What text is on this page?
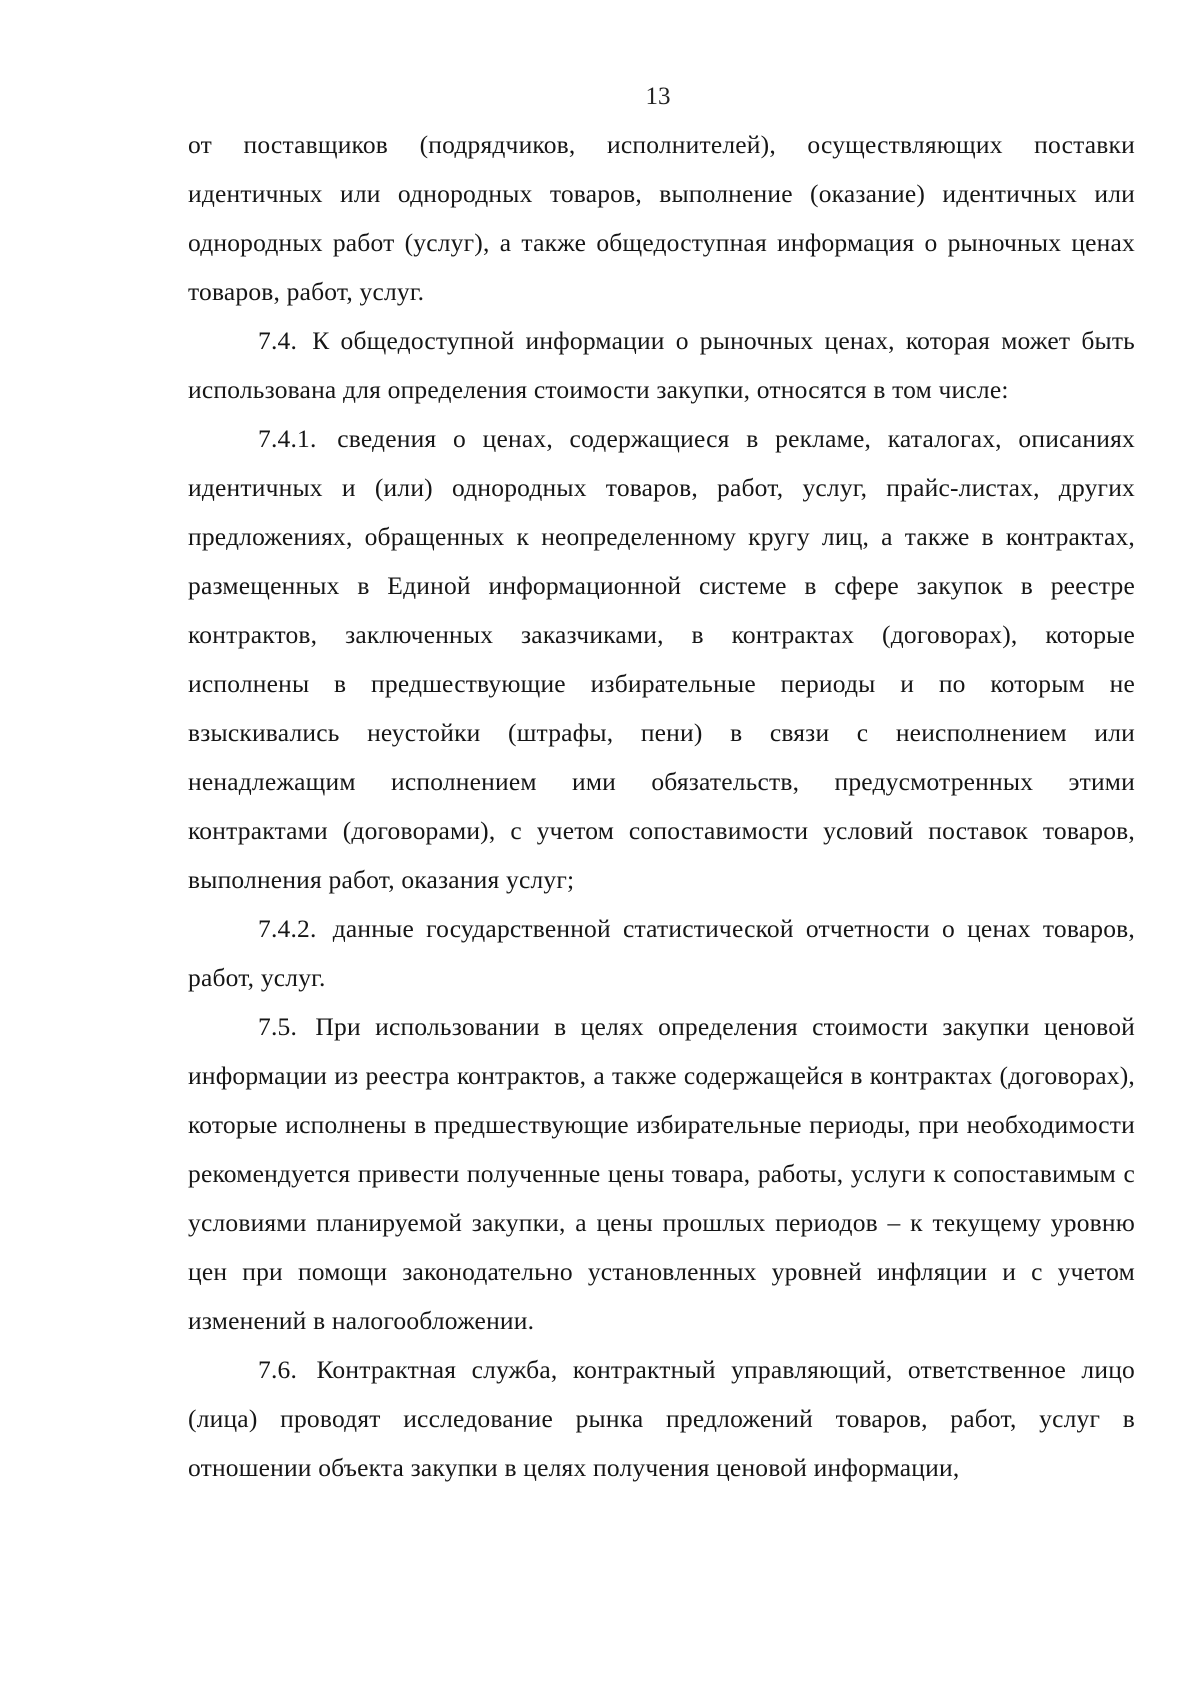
13

от поставщиков (подрядчиков, исполнителей), осуществляющих поставки идентичных или однородных товаров, выполнение (оказание) идентичных или однородных работ (услуг), а также общедоступная информация о рыночных ценах товаров, работ, услуг.

7.4. К общедоступной информации о рыночных ценах, которая может быть использована для определения стоимости закупки, относятся в том числе:

7.4.1. сведения о ценах, содержащиеся в рекламе, каталогах, описаниях идентичных и (или) однородных товаров, работ, услуг, прайс-листах, других предложениях, обращенных к неопределенному кругу лиц, а также в контрактах, размещенных в Единой информационной системе в сфере закупок в реестре контрактов, заключенных заказчиками, в контрактах (договорах), которые исполнены в предшествующие избирательные периоды и по которым не взыскивались неустойки (штрафы, пени) в связи с неисполнением или ненадлежащим исполнением ими обязательств, предусмотренных этими контрактами (договорами), с учетом сопоставимости условий поставок товаров, выполнения работ, оказания услуг;

7.4.2. данные государственной статистической отчетности о ценах товаров, работ, услуг.

7.5. При использовании в целях определения стоимости закупки ценовой информации из реестра контрактов, а также содержащейся в контрактах (договорах), которые исполнены в предшествующие избирательные периоды, при необходимости рекомендуется привести полученные цены товара, работы, услуги к сопоставимым с условиями планируемой закупки, а цены прошлых периодов – к текущему уровню цен при помощи законодательно установленных уровней инфляции и с учетом изменений в налогообложении.

7.6. Контрактная служба, контрактный управляющий, ответственное лицо (лица) проводят исследование рынка предложений товаров, работ, услуг в отношении объекта закупки в целях получения ценовой информации,
